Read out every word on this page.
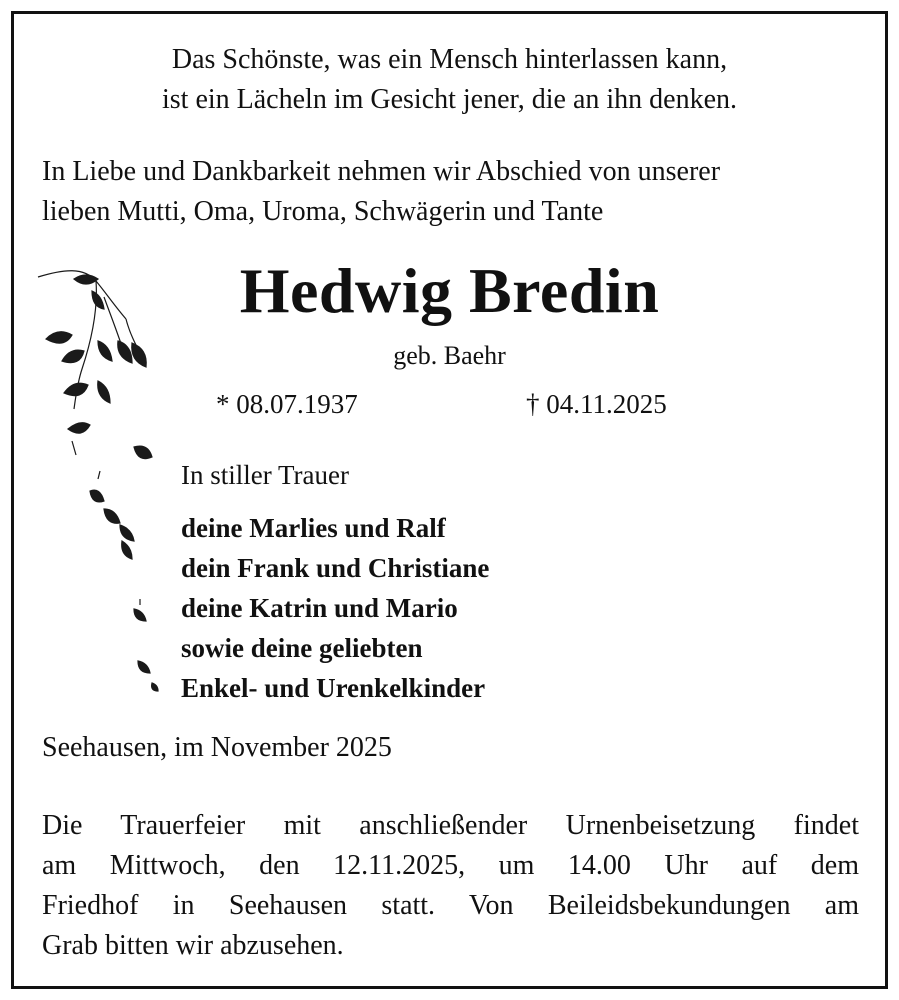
Das Schönste, was ein Mensch hinterlassen kann,
ist ein Lächeln im Gesicht jener, die an ihn denken.
In Liebe und Dankbarkeit nehmen wir Abschied von unserer
lieben Mutti, Oma, Uroma, Schwägerin und Tante
Hedwig Bredin
geb. Baehr
* 08.07.1937	† 04.11.2025
In stiller Trauer
deine Marlies und Ralf
dein Frank und Christiane
deine Katrin und Mario
sowie deine geliebten
Enkel- und Urenkelkinder
Seehausen, im November 2025
Die Trauerfeier mit anschließender Urnenbeisetzung findet
am Mittwoch, den 12.11.2025, um 14.00 Uhr auf dem
Friedhof in Seehausen statt. Von Beileidsbekundungen am
Grab bitten wir abzusehen.
